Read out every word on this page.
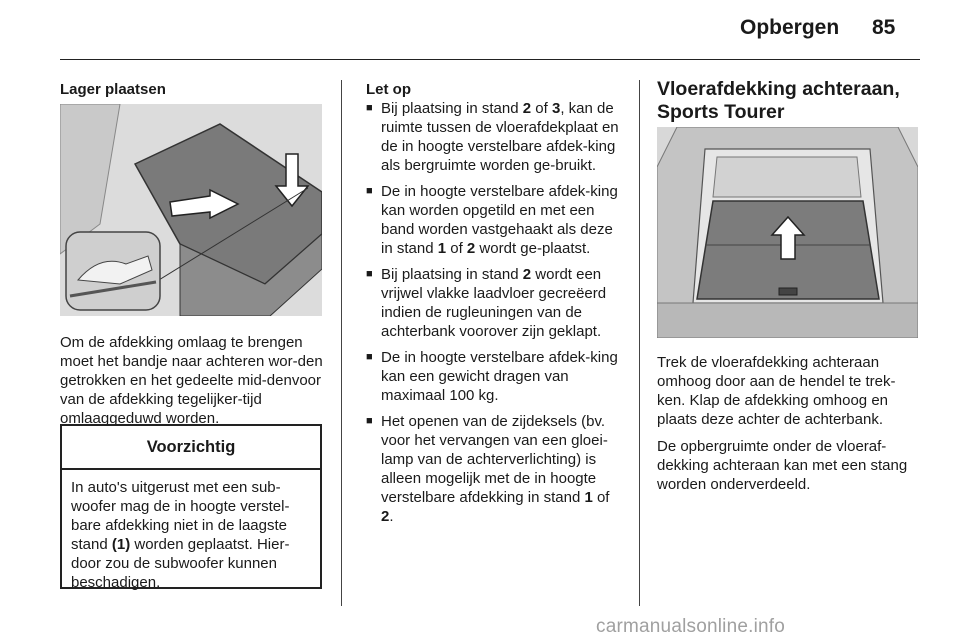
Opbergen 85

Lager plaatsen

Om de afdekking omlaag te brengen moet het bandje naar achteren wor-den getrokken en het gedeelte mid-denvoor van de afdekking tegelijker-tijd omlaaggeduwd worden.

Voorzichtig
In auto's uitgerust met een sub-woofer mag de in hoogte verstel-bare afdekking niet in de laagste stand (1) worden geplaatst. Hier-door zou de subwoofer kunnen beschadigen.

Let op

■ Bij plaatsing in stand 2 of 3, kan de ruimte tussen de vloerafdekplaat en de in hoogte verstelbare afdek-king als bergruimte worden ge-bruikt.
■ De in hoogte verstelbare afdek-king kan worden opgetild en met een band worden vastgehaakt als deze in stand 1 of 2 wordt ge-plaatst.
■ Bij plaatsing in stand 2 wordt een vrijwel vlakke laadvloer gecreëerd indien de rugleuningen van de achterbank voorover zijn geklapt.
■ De in hoogte verstelbare afdek-king kan een gewicht dragen van maximaal 100 kg.
■ Het openen van de zijdeksels (bv. voor het vervangen van een gloei-lamp van de achterverlichting) is alleen mogelijk met de in hoogte verstelbare afdekking in stand 1 of 2.

Vloerafdekking achteraan,

Sports Tourer

Trek de vloerafdekking achteraan omhoog door aan de hendel te trek-ken. Klap de afdekking omhoog en plaats deze achter de achterbank.

De opbergruimte onder de vloeraf-dekking achteraan kan met een stang worden onderverdeeld.

carmanualsonline.info
